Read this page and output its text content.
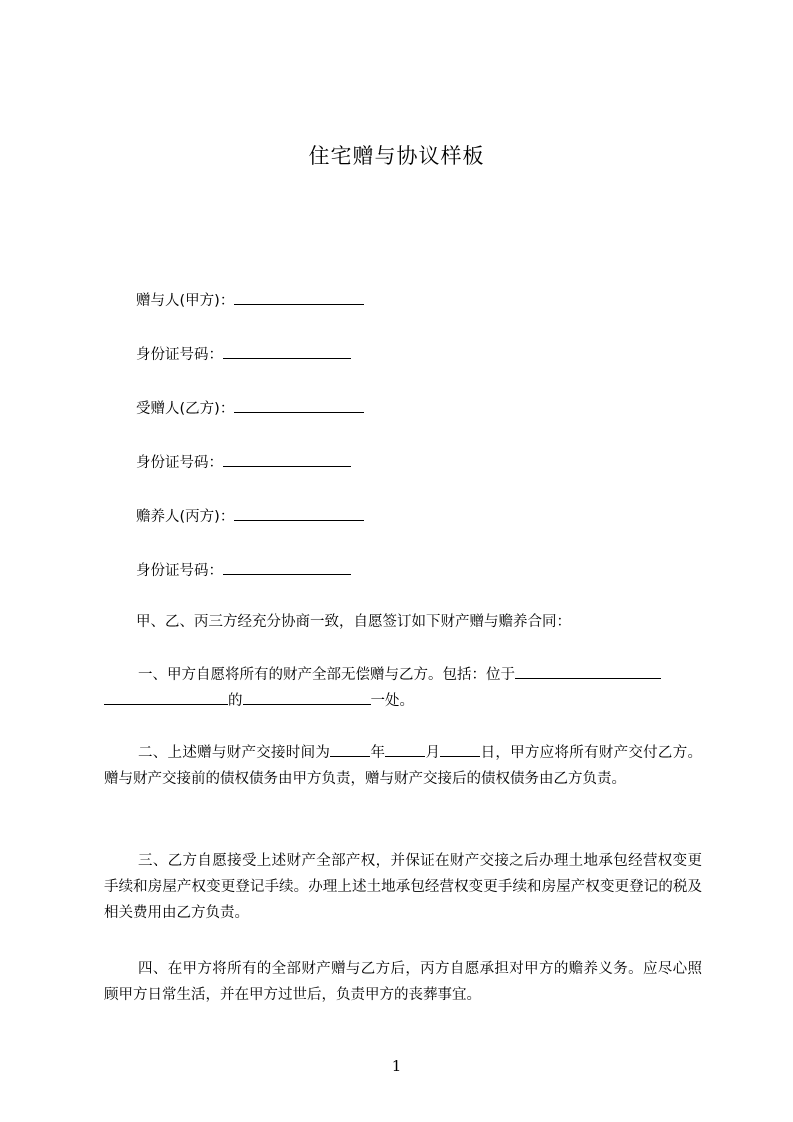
住宅赠与协议样板
赠与人(甲方)：
身份证号码：
受赠人(乙方)：
身份证号码：
赡养人(丙方)：
身份证号码：
甲、乙、丙三方经充分协商一致，自愿签订如下财产赠与赡养合同：

一、甲方自愿将所有的财产全部无偿赠与乙方。包括：位于
的	一处。

二、上述赠与财产交接时间为	年	月	日，甲方应将所有财产交付乙方。赠与财产交接前的债权债务由甲方负责，赠与财产交接后的债权债务由乙方负责。

三、乙方自愿接受上述财产全部产权，并保证在财产交接之后办理土地承包经营权变更手续和房屋产权变更登记手续。办理上述土地承包经营权变更手续和房屋产权变更登记的税及相关费用由乙方负责。

四、在甲方将所有的全部财产赠与乙方后，丙方自愿承担对甲方的赡养义务。应尽心照顾甲方日常生活，并在甲方过世后，负责甲方的丧葬事宜。

1
